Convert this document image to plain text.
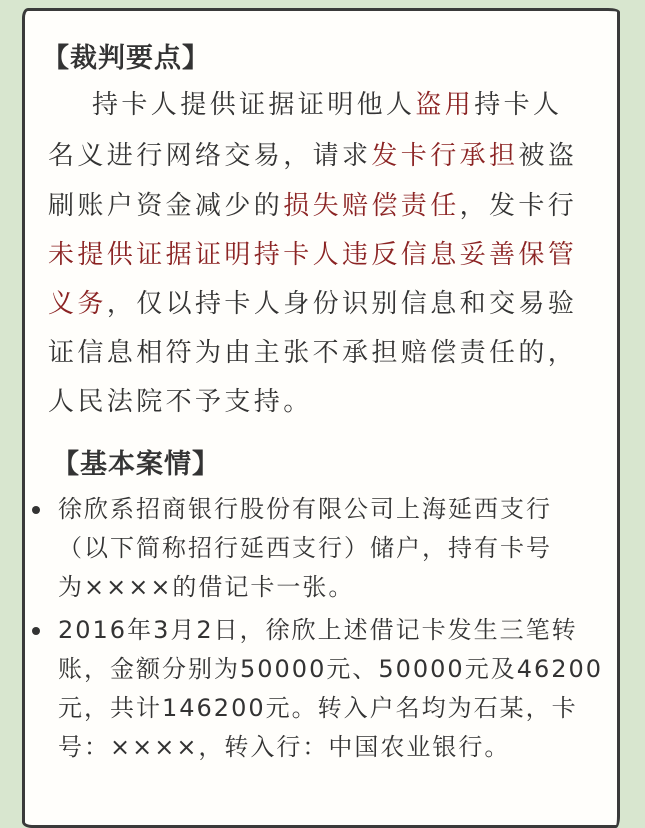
【裁判要点】
持卡人提供证据证明他人盗用持卡人
名义进行网络交易，请求发卡行承担被盗
刷账户资金减少的损失赔偿责任，发卡行
未提供证据证明持卡人违反信息妥善保管
义务，仅以持卡人身份识别信息和交易验
证信息相符为由主张不承担赔偿责任的，
人民法院不予支持。
【基本案情】
徐欣系招商银行股份有限公司上海延西支行
（以下简称招行延西支行）储户，持有卡号
为××××的借记卡一张。
2016年3月2日，徐欣上述借记卡发生三笔转
账，金额分别为50000元、50000元及46200
元，共计146200元。转入户名均为石某，卡
号：××××，转入行：中国农业银行。
